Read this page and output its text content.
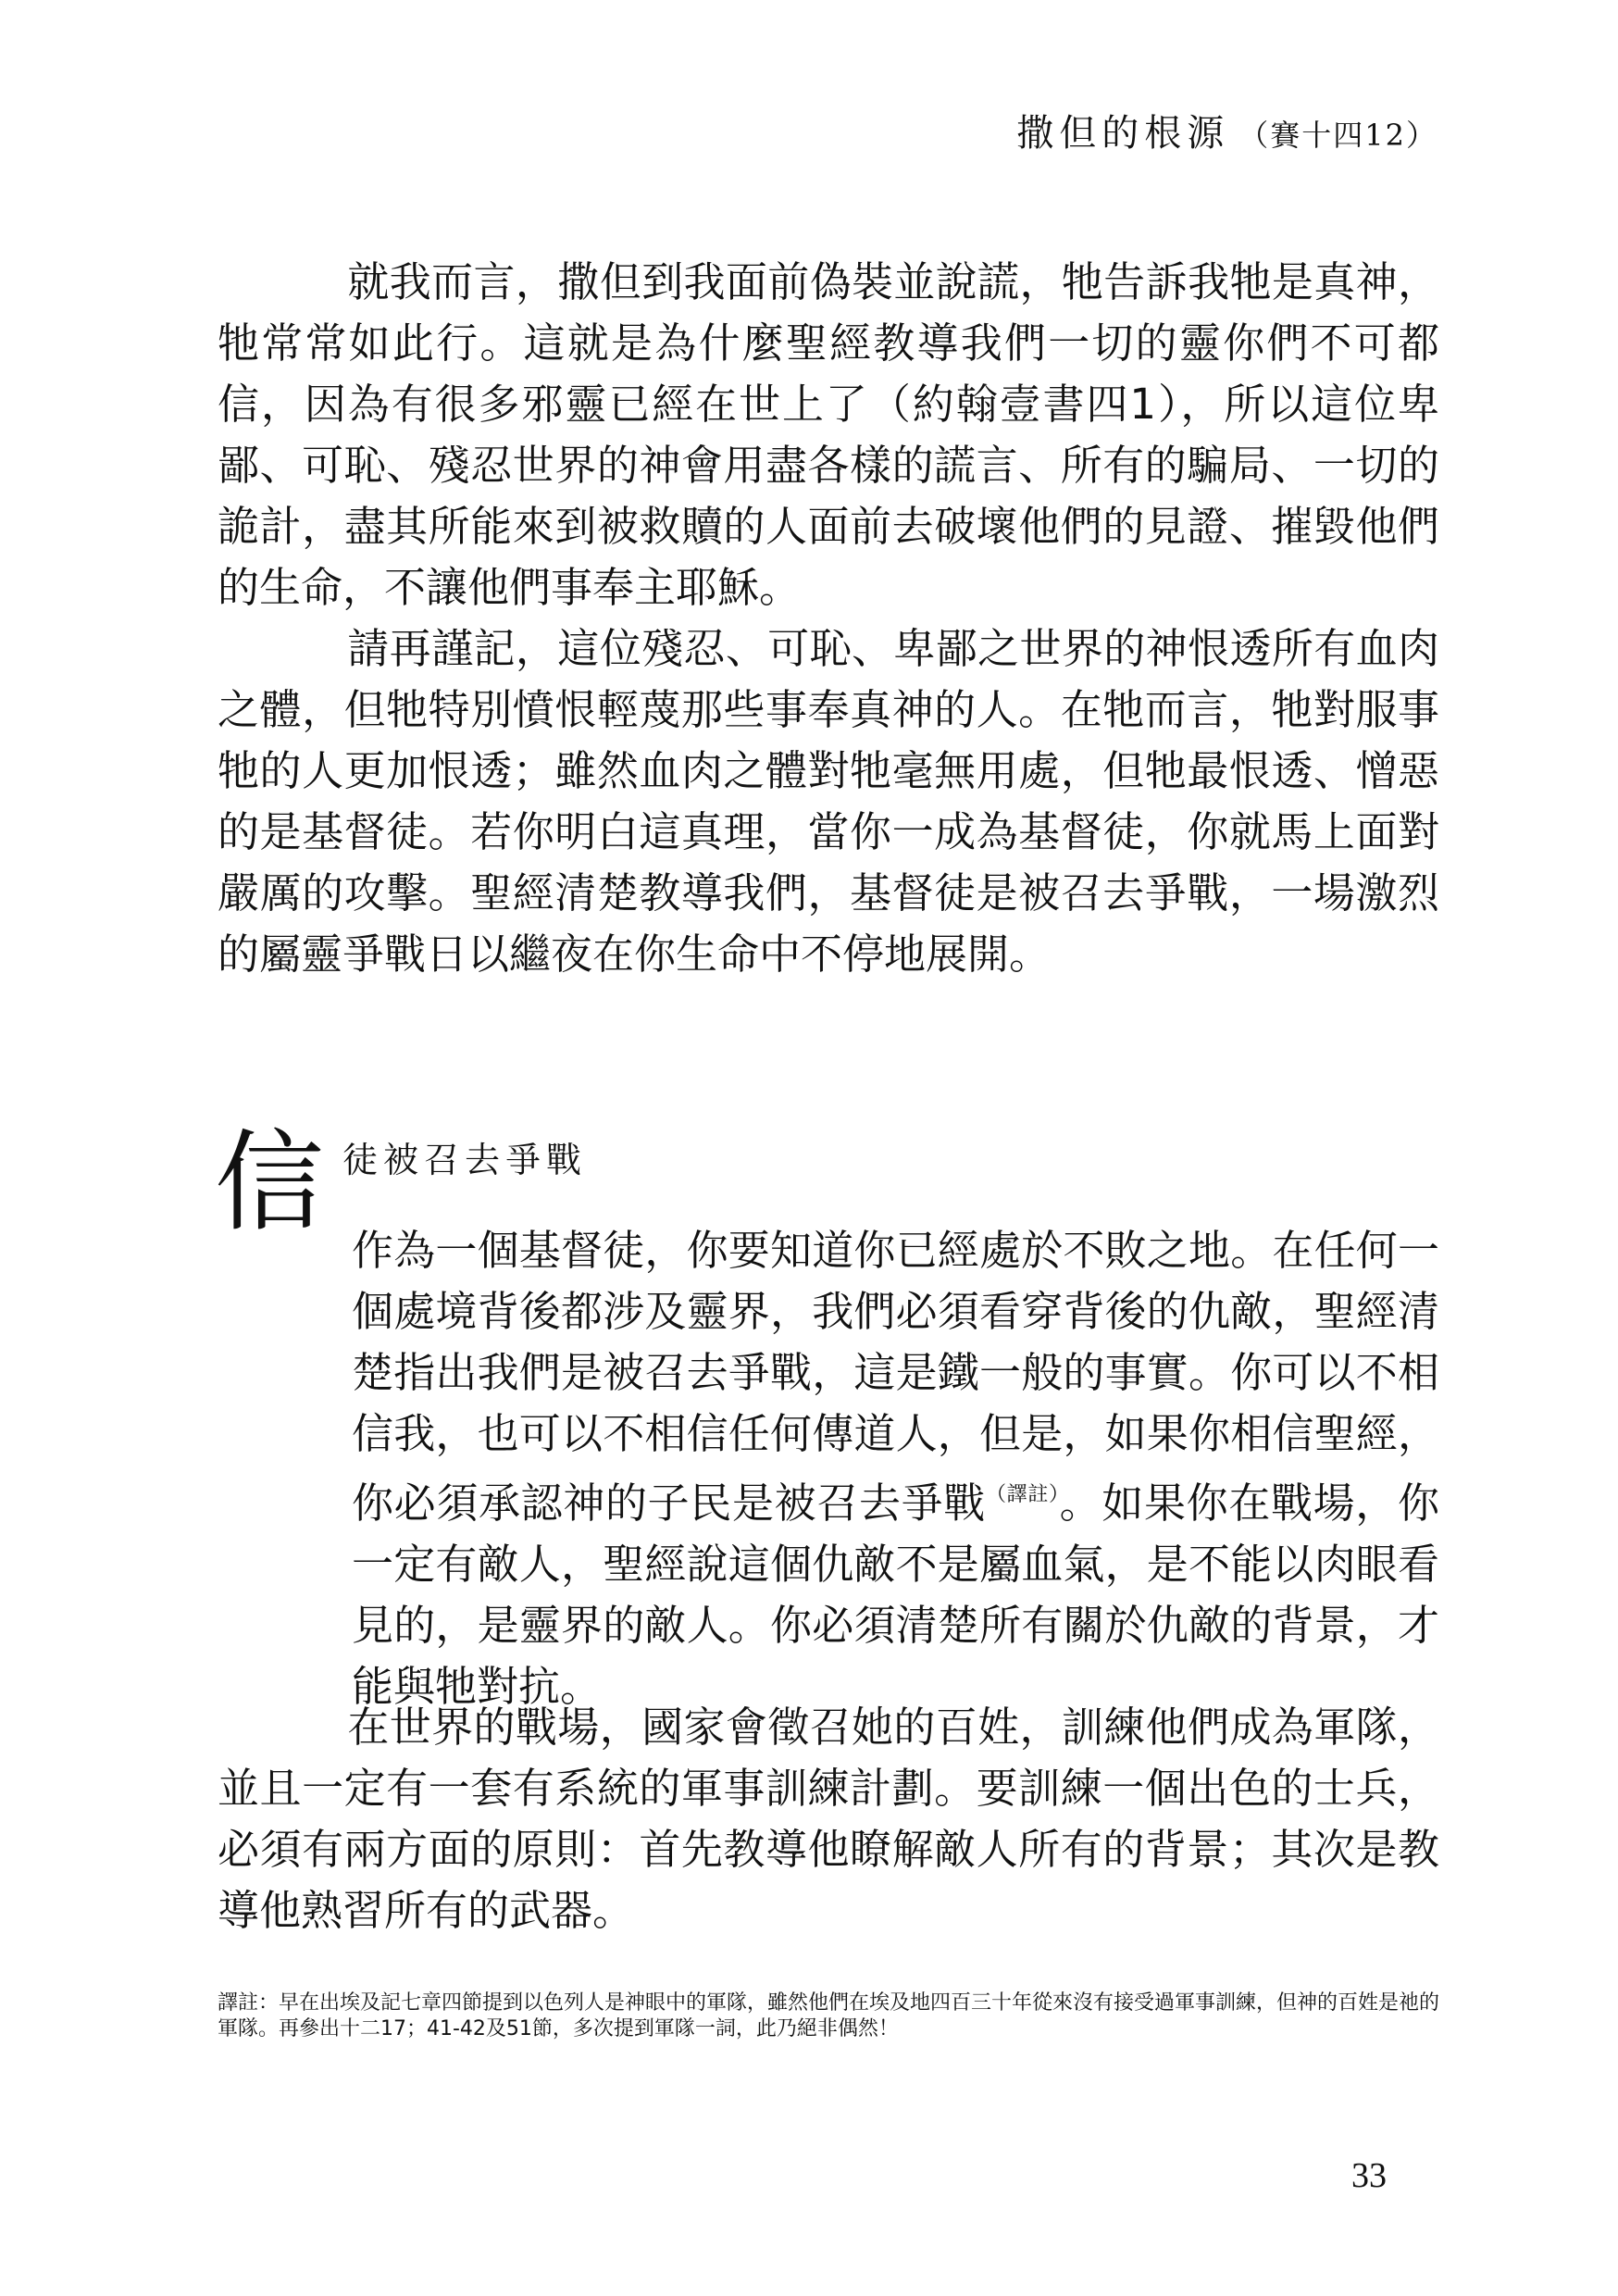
撒但的根源 （賽十四12）

就我而言，撒但到我面前偽裝並說謊，牠告訴我牠是真神，牠常常如此行。這就是為什麼聖經教導我們一切的靈你們不可都信，因為有很多邪靈已經在世上了（約翰壹書四1），所以這位卑鄙、可恥、殘忍世界的神會用盡各樣的謊言、所有的騙局、一切的詭計，盡其所能來到被救贖的人面前去破壞他們的見證、摧毀他們的生命，不讓他們事奉主耶穌。

請再謹記，這位殘忍、可恥、卑鄙之世界的神恨透所有血肉之體，但牠特別憤恨輕蔑那些事奉真神的人。在牠而言，牠對服事牠的人更加恨透；雖然血肉之體對牠毫無用處，但牠最恨透、憎惡的是基督徒。若你明白這真理，當你一成為基督徒，你就馬上面對嚴厲的攻擊。聖經清楚教導我們，基督徒是被召去爭戰，一場激烈的屬靈爭戰日以繼夜在你生命中不停地展開。

信 徒被召去爭戰

作為一個基督徒，你要知道你已經處於不敗之地。在任何一個處境背後都涉及靈界，我們必須看穿背後的仇敵，聖經清楚指出我們是被召去爭戰，這是鐵一般的事實。你可以不相信我，也可以不相信任何傳道人，但是，如果你相信聖經，你必須承認神的子民是被召去爭戰$^{(譯註)}$。如果你在戰場，你一定有敵人，聖經說這個仇敵不是屬血氣，是不能以肉眼看見的，是靈界的敵人。你必須清楚所有關於仇敵的背景，才能與牠對抗。

在世界的戰場，國家會徵召她的百姓，訓練他們成為軍隊，並且一定有一套有系統的軍事訓練計劃。要訓練一個出色的士兵，必須有兩方面的原則：首先教導他瞭解敵人所有的背景；其次是教導他熟習所有的武器。

譯註：早在出埃及記七章四節提到以色列人是神眼中的軍隊，雖然他們在埃及地四百三十年從來沒有接受過軍事訓練，但神的百姓是祂的軍隊。再參出十二17；41-42及51節，多次提到軍隊一詞，此乃絕非偶然！

33
